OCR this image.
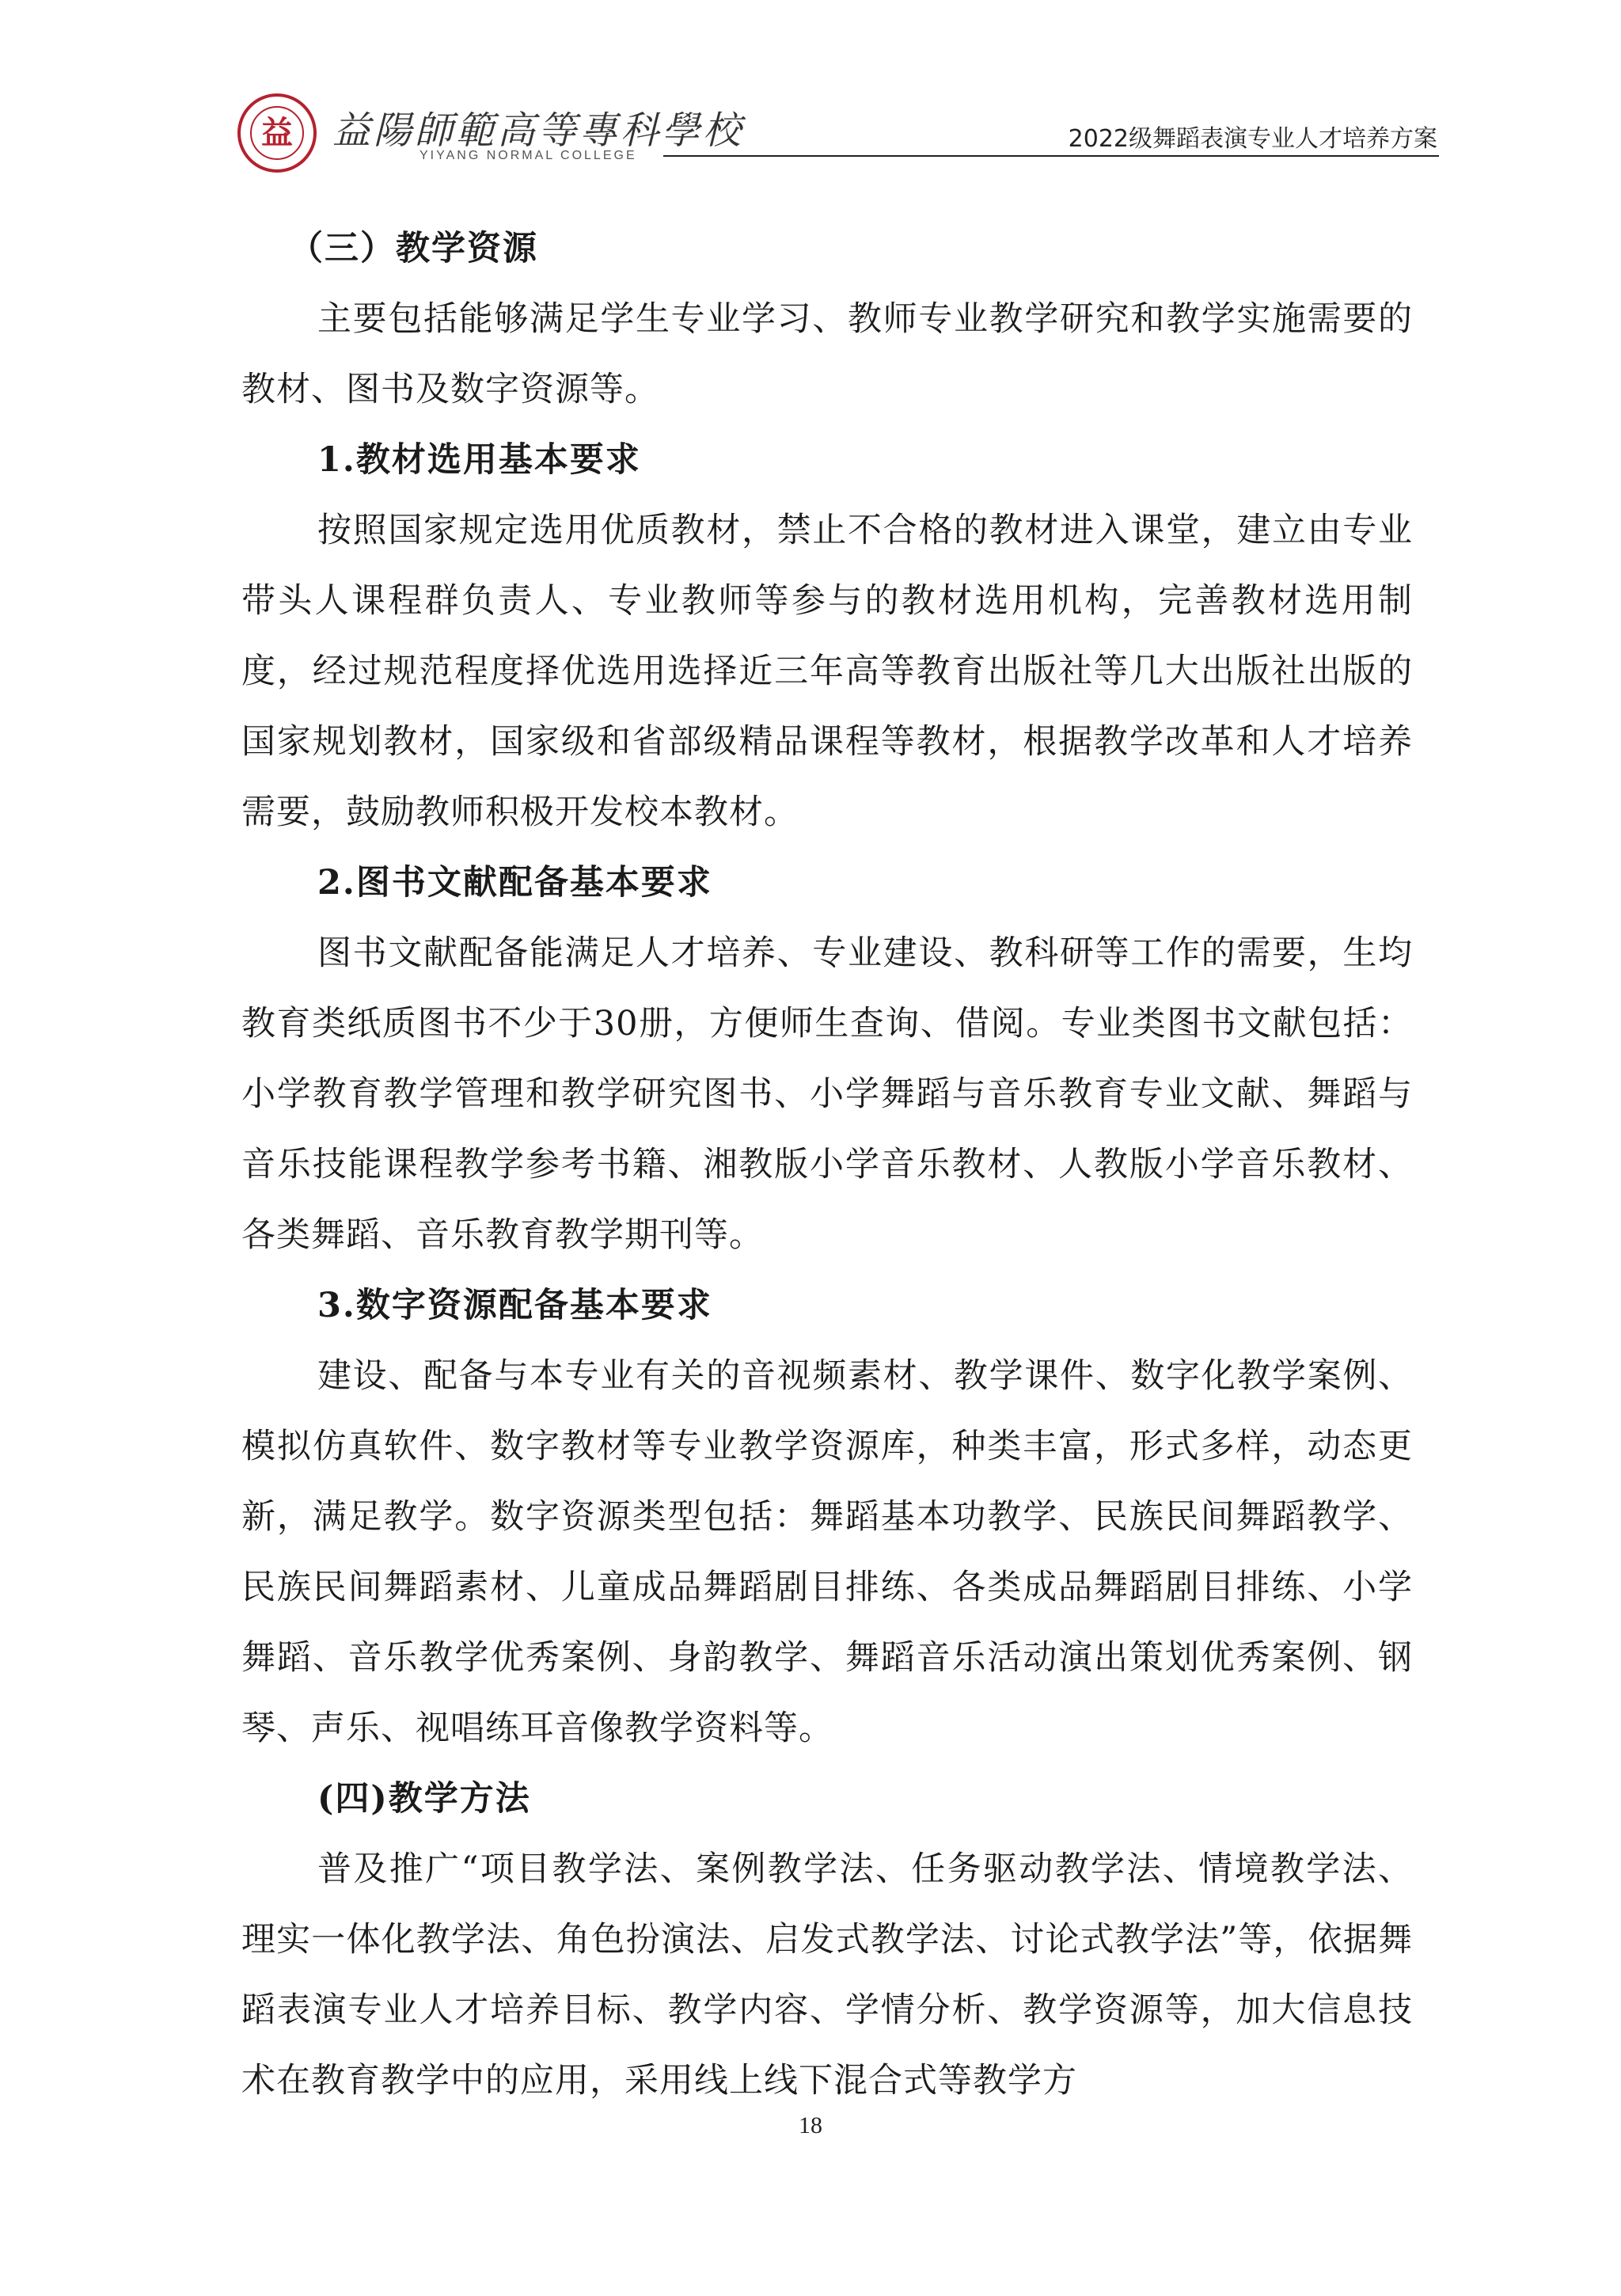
益 益陽師範高等專科學校
YIYANG NORMAL COLLEGE
2022级舞蹈表演专业人才培养方案
（三）教学资源

主要包括能够满足学生专业学习、教师专业教学研究和教学实施需要的教材、图书及数字资源等。

1.教材选用基本要求

按照国家规定选用优质教材，禁止不合格的教材进入课堂，建立由专业带头人课程群负责人、专业教师等参与的教材选用机构，完善教材选用制度，经过规范程度择优选用选择近三年高等教育出版社等几大出版社出版的国家规划教材，国家级和省部级精品课程等教材，根据教学改革和人才培养需要，鼓励教师积极开发校本教材。

2.图书文献配备基本要求

图书文献配备能满足人才培养、专业建设、教科研等工作的需要，生均教育类纸质图书不少于30册，方便师生查询、借阅。专业类图书文献包括：小学教育教学管理和教学研究图书、小学舞蹈与音乐教育专业文献、舞蹈与音乐技能课程教学参考书籍、湘教版小学音乐教材、人教版小学音乐教材、各类舞蹈、音乐教育教学期刊等。

3.数字资源配备基本要求

建设、配备与本专业有关的音视频素材、教学课件、数字化教学案例、模拟仿真软件、数字教材等专业教学资源库，种类丰富，形式多样，动态更新，满足教学。数字资源类型包括：舞蹈基本功教学、民族民间舞蹈教学、民族民间舞蹈素材、儿童成品舞蹈剧目排练、各类成品舞蹈剧目排练、小学舞蹈、音乐教学优秀案例、身韵教学、舞蹈音乐活动演出策划优秀案例、钢琴、声乐、视唱练耳音像教学资料等。

(四)教学方法

普及推广“项目教学法、案例教学法、任务驱动教学法、情境教学法、理实一体化教学法、角色扮演法、启发式教学法、讨论式教学法”等，依据舞蹈表演专业人才培养目标、教学内容、学情分析、教学资源等，加大信息技术在教育教学中的应用，采用线上线下混合式等教学方

18
